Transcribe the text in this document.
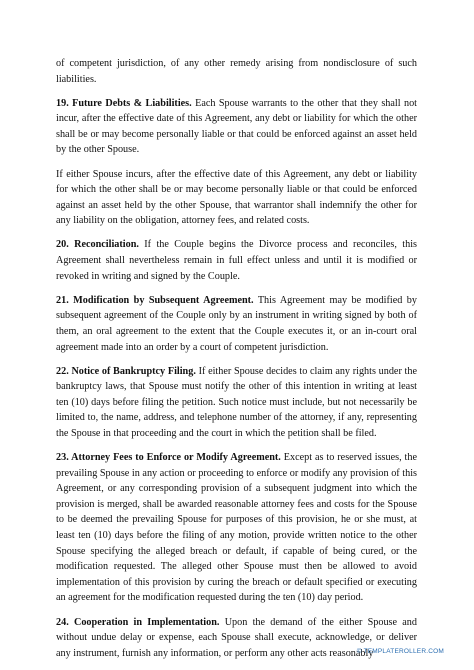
of competent jurisdiction, of any other remedy arising from nondisclosure of such liabilities.

19. Future Debts & Liabilities. Each Spouse warrants to the other that they shall not incur, after the effective date of this Agreement, any debt or liability for which the other shall be or may become personally liable or that could be enforced against an asset held by the other Spouse.

If either Spouse incurs, after the effective date of this Agreement, any debt or liability for which the other shall be or may become personally liable or that could be enforced against an asset held by the other Spouse, that warrantor shall indemnify the other for any liability on the obligation, attorney fees, and related costs.

20. Reconciliation. If the Couple begins the Divorce process and reconciles, this Agreement shall nevertheless remain in full effect unless and until it is modified or revoked in writing and signed by the Couple.

21. Modification by Subsequent Agreement. This Agreement may be modified by subsequent agreement of the Couple only by an instrument in writing signed by both of them, an oral agreement to the extent that the Couple executes it, or an in-court oral agreement made into an order by a court of competent jurisdiction.

22. Notice of Bankruptcy Filing. If either Spouse decides to claim any rights under the bankruptcy laws, that Spouse must notify the other of this intention in writing at least ten (10) days before filing the petition. Such notice must include, but not necessarily be limited to, the name, address, and telephone number of the attorney, if any, representing the Spouse in that proceeding and the court in which the petition shall be filed.

23. Attorney Fees to Enforce or Modify Agreement. Except as to reserved issues, the prevailing Spouse in any action or proceeding to enforce or modify any provision of this Agreement, or any corresponding provision of a subsequent judgment into which the provision is merged, shall be awarded reasonable attorney fees and costs for the Spouse to be deemed the prevailing Spouse for purposes of this provision, he or she must, at least ten (10) days before the filing of any motion, provide written notice to the other Spouse specifying the alleged breach or default, if capable of being cured, or the modification requested. The alleged other Spouse must then be allowed to avoid implementation of this provision by curing the breach or default specified or executing an agreement for the modification requested during the ten (10) day period.

24. Cooperation in Implementation. Upon the demand of the either Spouse and without undue delay or expense, each Spouse shall execute, acknowledge, or deliver any instrument, furnish any information, or perform any other acts reasonably

© TEMPLATEROLLER.COM
